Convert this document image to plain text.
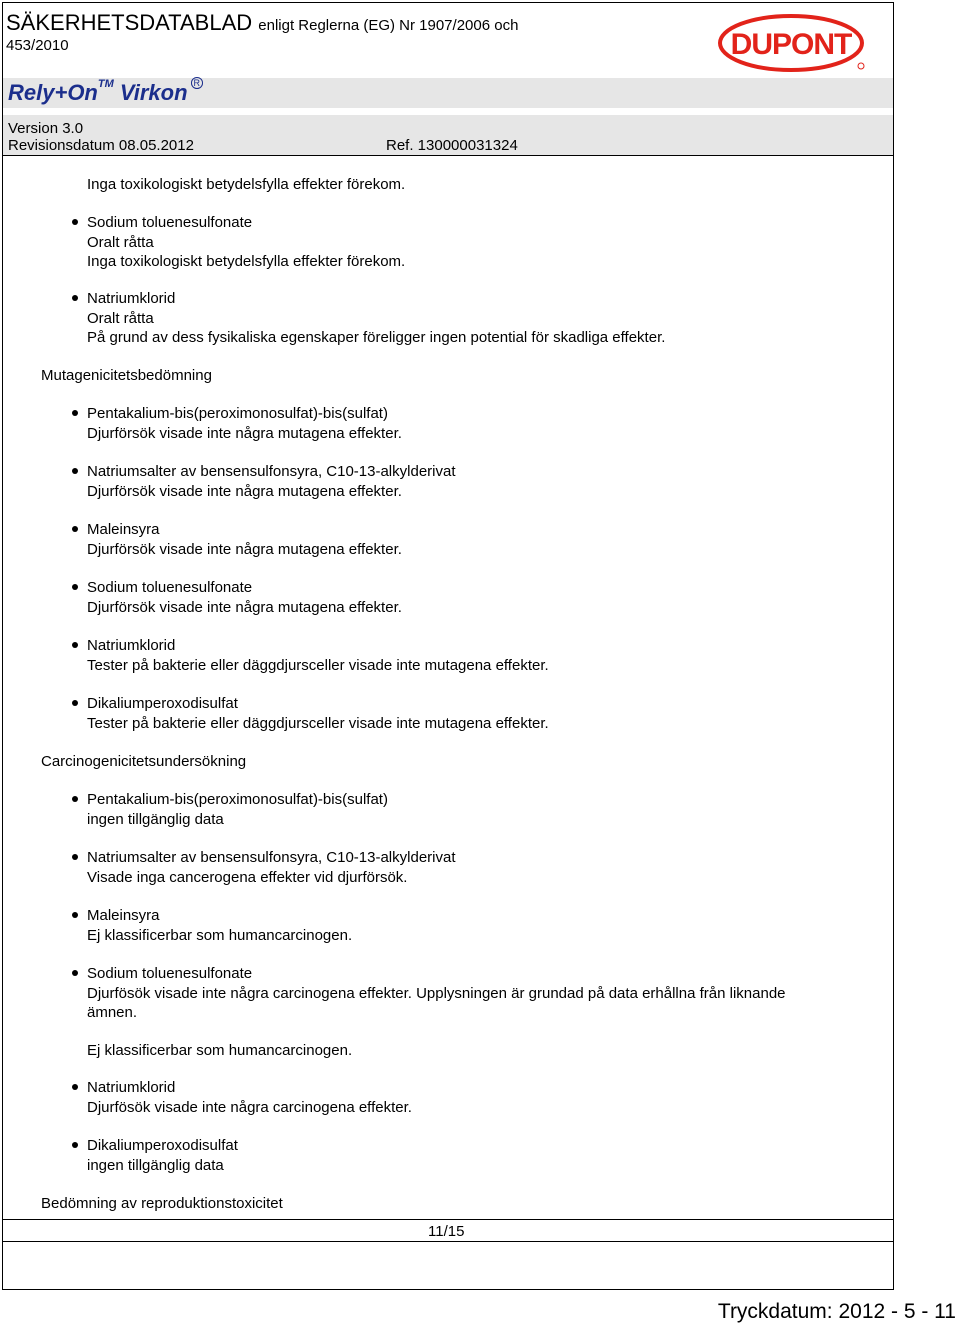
SÄKERHETSDATABLAD enligt Reglerna (EG) Nr 1907/2006 och
453/2010	DUPONT
Rely+On™ Virkon $^R$
Version 3.0
Revisionsdatum 08.05.2012	Ref. 130000031324
Inga toxikologiskt betydelsfylla effekter förekom.
Sodium toluenesulfonate
Oralt råtta
Inga toxikologiskt betydelsfylla effekter förekom.
Natriumklorid
Oralt råtta
På grund av dess fysikaliska egenskaper föreligger ingen potential för skadliga effekter.
Mutagenicitetsbedömning
Pentakalium-bis(peroximonosulfat)-bis(sulfat)
Djurförsök visade inte några mutagena effekter.
Natriumsalter av bensensulfonsyra, C10-13-alkylderivat
Djurförsök visade inte några mutagena effekter.
Maleinsyra
Djurförsök visade inte några mutagena effekter.
Sodium toluenesulfonate
Djurförsök visade inte några mutagena effekter.
Natriumklorid
Tester på bakterie eller däggdjursceller visade inte mutagena effekter.
Dikaliumperoxodisulfat
Tester på bakterie eller däggdjursceller visade inte mutagena effekter.
Carcinogenicitetsundersökning
Pentakalium-bis(peroximonosulfat)-bis(sulfat)
ingen tillgänglig data
Natriumsalter av bensensulfonsyra, C10-13-alkylderivat
Visade inga cancerogena effekter vid djurförsök.
Maleinsyra
Ej klassificerbar som humancarcinogen.
Sodium toluenesulfonate
Djurfösök visade inte några carcinogena effekter. Upplysningen är grundad på data erhållna från liknande
ämnen.
Ej klassificerbar som humancarcinogen.
Natriumklorid
Djurfösök visade inte några carcinogena effekter.
Dikaliumperoxodisulfat
ingen tillgänglig data
Bedömning av reproduktionstoxicitet
11/15
Tryckdatum: 2012 - 5 - 11
